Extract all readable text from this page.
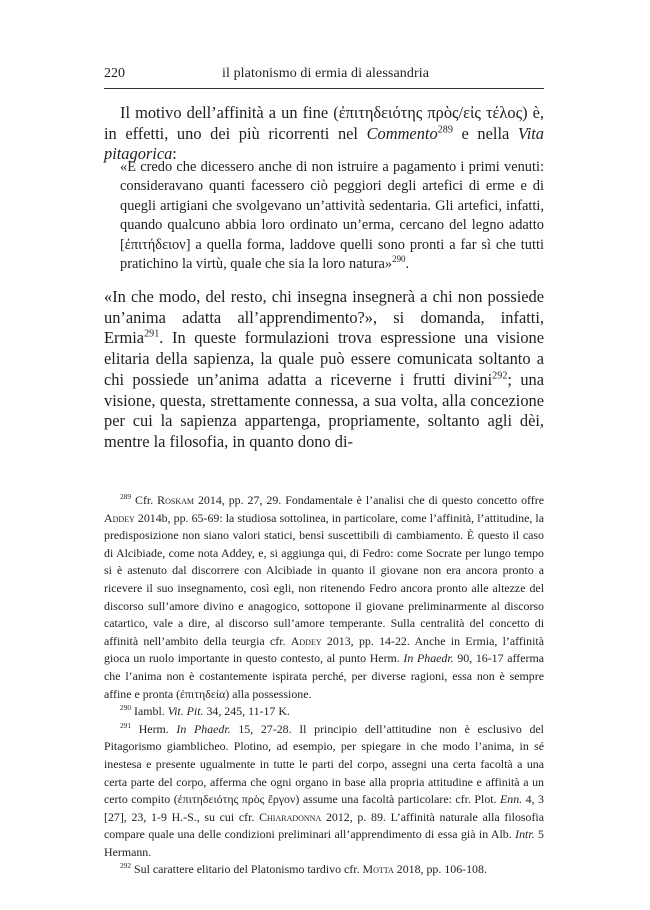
220	il platonismo di ermia di alessandria
Il motivo dell’affinità a un fine (ἐπιτηδειότης πρὸς/εἰς τέλος) è, in effetti, uno dei più ricorrenti nel Commento$^{289}$ e nella Vita pitagorica:
«E credo che dicessero anche di non istruire a pagamento i primi venuti: consideravano quanti facessero ciò peggiori degli artefici di erme e di quegli artigiani che svolgevano un’attività sedentaria. Gli artefici, infatti, quando qualcuno abbia loro ordinato un’erma, cercano del legno adatto [ἐπιτήδειον] a quella forma, laddove quelli sono pronti a far sì che tutti pratichino la virtù, quale che sia la loro natura»$^{290}$.
«In che modo, del resto, chi insegna insegnerà a chi non possiede un’anima adatta all’apprendimento?», si domanda, infatti, Ermia$^{291}$. In queste formulazioni trova espressione una visione elitaria della sapienza, la quale può essere comunicata soltanto a chi possiede un’anima adatta a riceverne i frutti divini$^{292}$; una visione, questa, strettamente connessa, a sua volta, alla concezione per cui la sapienza appartenga, propriamente, soltanto agli dèi, mentre la filosofia, in quanto dono di-

$^{289}$ Cfr. Roskam 2014, pp. 27, 29. Fondamentale è l’analisi che di questo concetto offre Addey 2014b, pp. 65-69: la studiosa sottolinea, in particolare, come l’affinità, l’attitudine, la predisposizione non siano valori statici, bensì suscettibili di cambiamento. È questo il caso di Alcibiade, come nota Addey, e, si aggiunga qui, di Fedro: come Socrate per lungo tempo si è astenuto dal discorrere con Alcibiade in quanto il giovane non era ancora pronto a ricevere il suo insegnamento, così egli, non ritenendo Fedro ancora pronto alle altezze del discorso sull’amore divino e anagogico, sottopone il giovane preliminarmente al discorso catartico, vale a dire, al discorso sull’amore temperante. Sulla centralità del concetto di affinità nell’ambito della teurgia cfr. Addey 2013, pp. 14-22. Anche in Ermia, l’affinità gioca un ruolo importante in questo contesto, al punto Herm. In Phaedr. 90, 16-17 afferma che l’anima non è costantemente ispirata perché, per diverse ragioni, essa non è sempre affine e pronta (ἐπιτηδεία) alla possessione.

$^{290}$ Iambl. Vit. Pit. 34, 245, 11-17 K.

$^{291}$ Herm. In Phaedr. 15, 27-28. Il principio dell’attitudine non è esclusivo del Pitagorismo giamblicheo. Plotino, ad esempio, per spiegare in che modo l’anima, in sé inestesa e presente ugualmente in tutte le parti del corpo, assegni una certa facoltà a una certa parte del corpo, afferma che ogni organo in base alla propria attitudine e affinità a un certo compito (ἐπιτηδειότης πρὸς ἔργον) assume una facoltà particolare: cfr. Plot. Enn. 4, 3 [27], 23, 1-9 H.-S., su cui cfr. Chiaradonna 2012, p. 89. L’affinità naturale alla filosofia compare quale una delle condizioni preliminari all’apprendimento di essa già in Alb. Intr. 5 Hermann.

$^{292}$ Sul carattere elitario del Platonismo tardivo cfr. Motta 2018, pp. 106-108.
